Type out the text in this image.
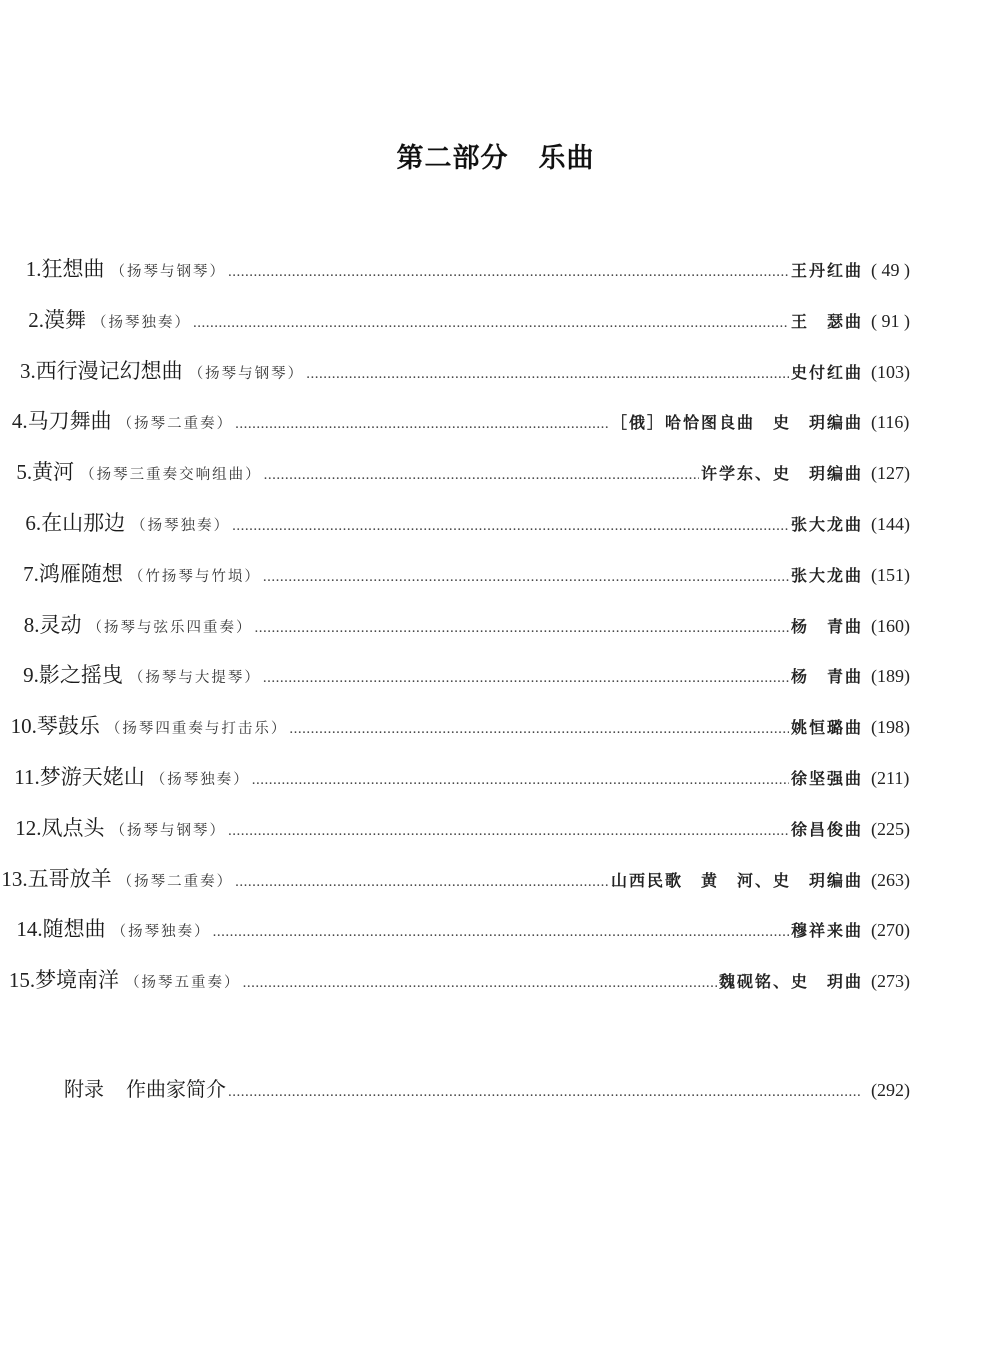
第二部分 乐曲
1. 狂想曲 （扬琴与钢琴） .....	王丹红曲 ( 49 )
2. 漠舞 （扬琴独奏） .....	王　瑟曲 ( 91 )
3. 西行漫记幻想曲 （扬琴与钢琴） .....	史付红曲 (103)
4. 马刀舞曲 （扬琴二重奏） .....	［俄］哈恰图良曲　史　玥编曲 (116)
5. 黄河 （扬琴三重奏交响组曲） .....	许学东、史　玥编曲 (127)
6. 在山那边 （扬琴独奏） .....	张大龙曲 (144)
7. 鸿雁随想 （竹扬琴与竹埙） .....	张大龙曲 (151)
8. 灵动 （扬琴与弦乐四重奏） .....	杨　青曲 (160)
9. 影之摇曳 （扬琴与大提琴） .....	杨　青曲 (189)
10. 琴鼓乐 （扬琴四重奏与打击乐） .....	姚恒璐曲 (198)
11. 梦游天姥山 （扬琴独奏） .....	徐坚强曲 (211)
12. 凤点头 （扬琴与钢琴） .....	徐昌俊曲 (225)
13. 五哥放羊 （扬琴二重奏） .....	山西民歌　黄　河、史　玥编曲 (263)
14. 随想曲 （扬琴独奏） .....	穆祥来曲 (270)
15. 梦境南洋 （扬琴五重奏） .....	魏砚铭、史　玥曲 (273)
附录 作曲家简介 .....	(292)
